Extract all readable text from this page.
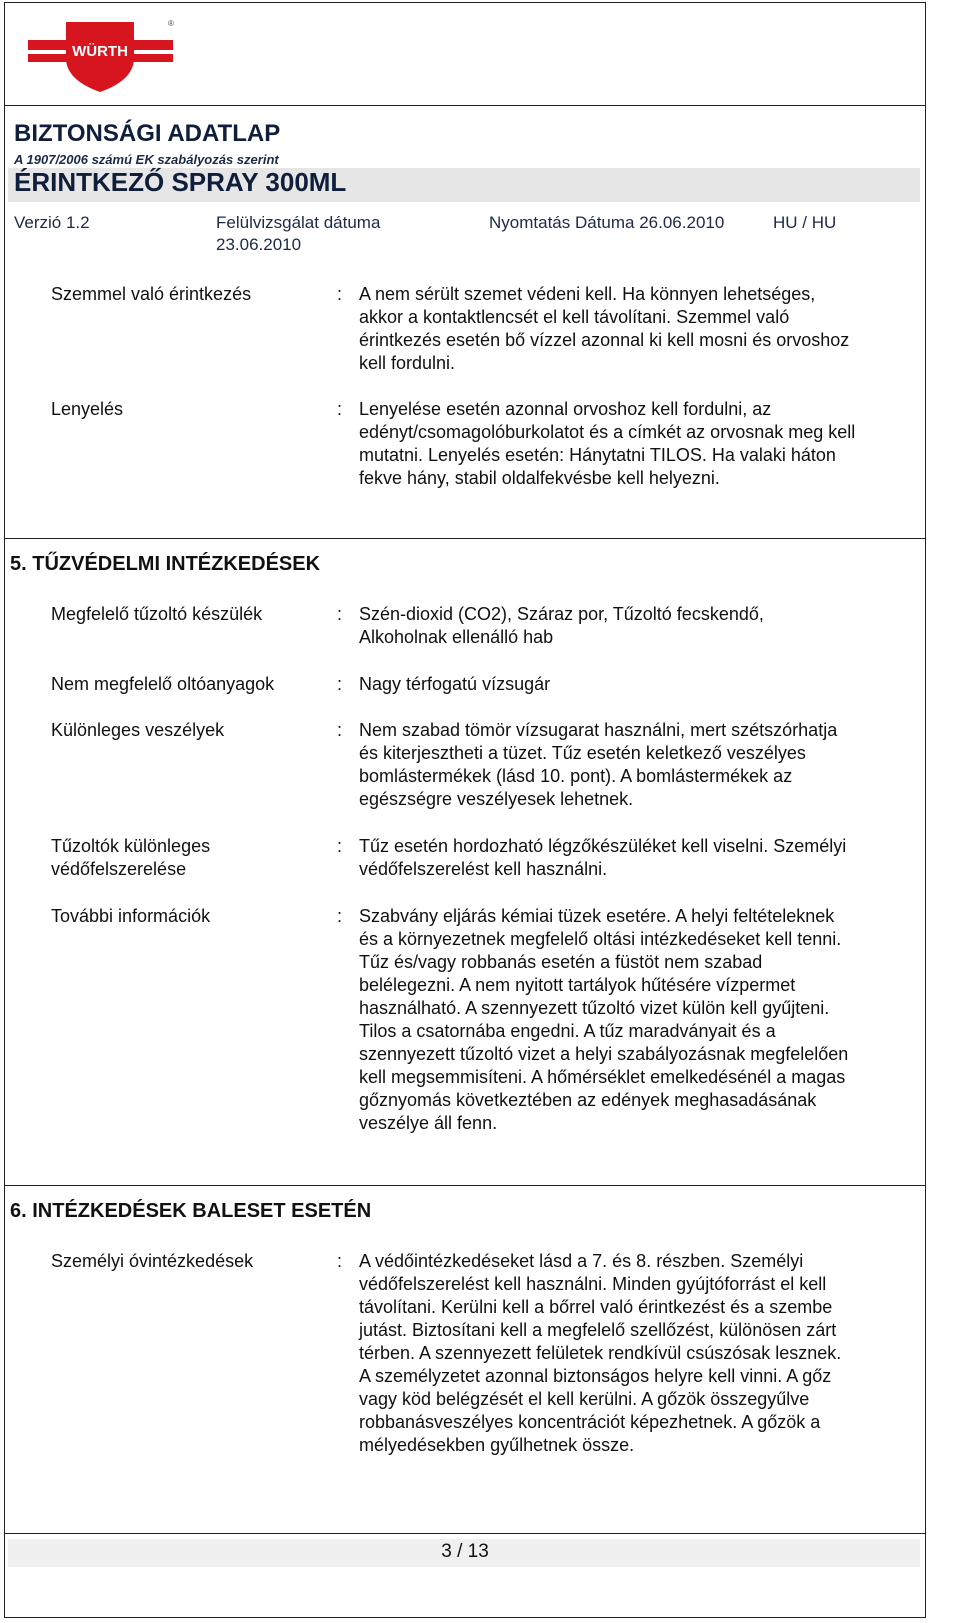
WÜRTH
®
BIZTONSÁGI ADATLAP
A 1907/2006 számú EK szabályozás szerint
ÉRINTKEZŐ SPRAY 300ML
Verzió 1.2	Felülvizsgálat dátuma
23.06.2010
Nyomtatás Dátuma 26.06.2010	HU / HU
Szemmel való érintkezés	: A nem sérült szemet védeni kell. Ha könnyen lehetséges,
akkor a kontaktlencsét el kell távolítani. Szemmel való
érintkezés esetén bő vízzel azonnal ki kell mosni és orvoshoz
kell fordulni.
Lenyelés	: Lenyelése esetén azonnal orvoshoz kell fordulni, az
edényt/csomagolóburkolatot és a címkét az orvosnak meg kell
mutatni. Lenyelés esetén: Hánytatni TILOS. Ha valaki háton
fekve hány, stabil oldalfekvésbe kell helyezni.
5. TŰZVÉDELMI INTÉZKEDÉSEK
Megfelelő tűzoltó készülék	: Szén-dioxid (CO2), Száraz por, Tűzoltó fecskendő,
Alkoholnak ellenálló hab
Nem megfelelő oltóanyagok	: Nagy térfogatú vízsugár
Különleges veszélyek	: Nem szabad tömör vízsugarat használni, mert szétszórhatja
és kiterjesztheti a tüzet. Tűz esetén keletkező veszélyes
bomlástermékek (lásd 10. pont). A bomlástermékek az
egészségre veszélyesek lehetnek.
Tűzoltók különleges
védőfelszerelése
: Tűz esetén hordozható légzőkészüléket kell viselni. Személyi
védőfelszerelést kell használni.
További információk	: Szabvány eljárás kémiai tüzek esetére. A helyi feltételeknek
és a környezetnek megfelelő oltási intézkedéseket kell tenni.
Tűz és/vagy robbanás esetén a füstöt nem szabad
belélegezni. A nem nyitott tartályok hűtésére vízpermet
használható. A szennyezett tűzoltó vizet külön kell gyűjteni.
Tilos a csatornába engedni. A tűz maradványait és a
szennyezett tűzoltó vizet a helyi szabályozásnak megfelelően
kell megsemmisíteni. A hőmérséklet emelkedésénél a magas
gőznyomás következtében az edények meghasadásának
veszélye áll fenn.
6. INTÉZKEDÉSEK BALESET ESETÉN
Személyi óvintézkedések	: A védőintézkedéseket lásd a 7. és 8. részben. Személyi
védőfelszerelést kell használni. Minden gyújtóforrást el kell
távolítani. Kerülni kell a bőrrel való érintkezést és a szembe
jutást. Biztosítani kell a megfelelő szellőzést, különösen zárt
térben. A szennyezett felületek rendkívül csúszósak lesznek.
A személyzetet azonnal biztonságos helyre kell vinni. A gőz
vagy köd belégzését el kell kerülni. A gőzök összegyűlve
robbanásveszélyes koncentrációt képezhetnek. A gőzök a
mélyedésekben gyűlhetnek össze.
3 / 13
